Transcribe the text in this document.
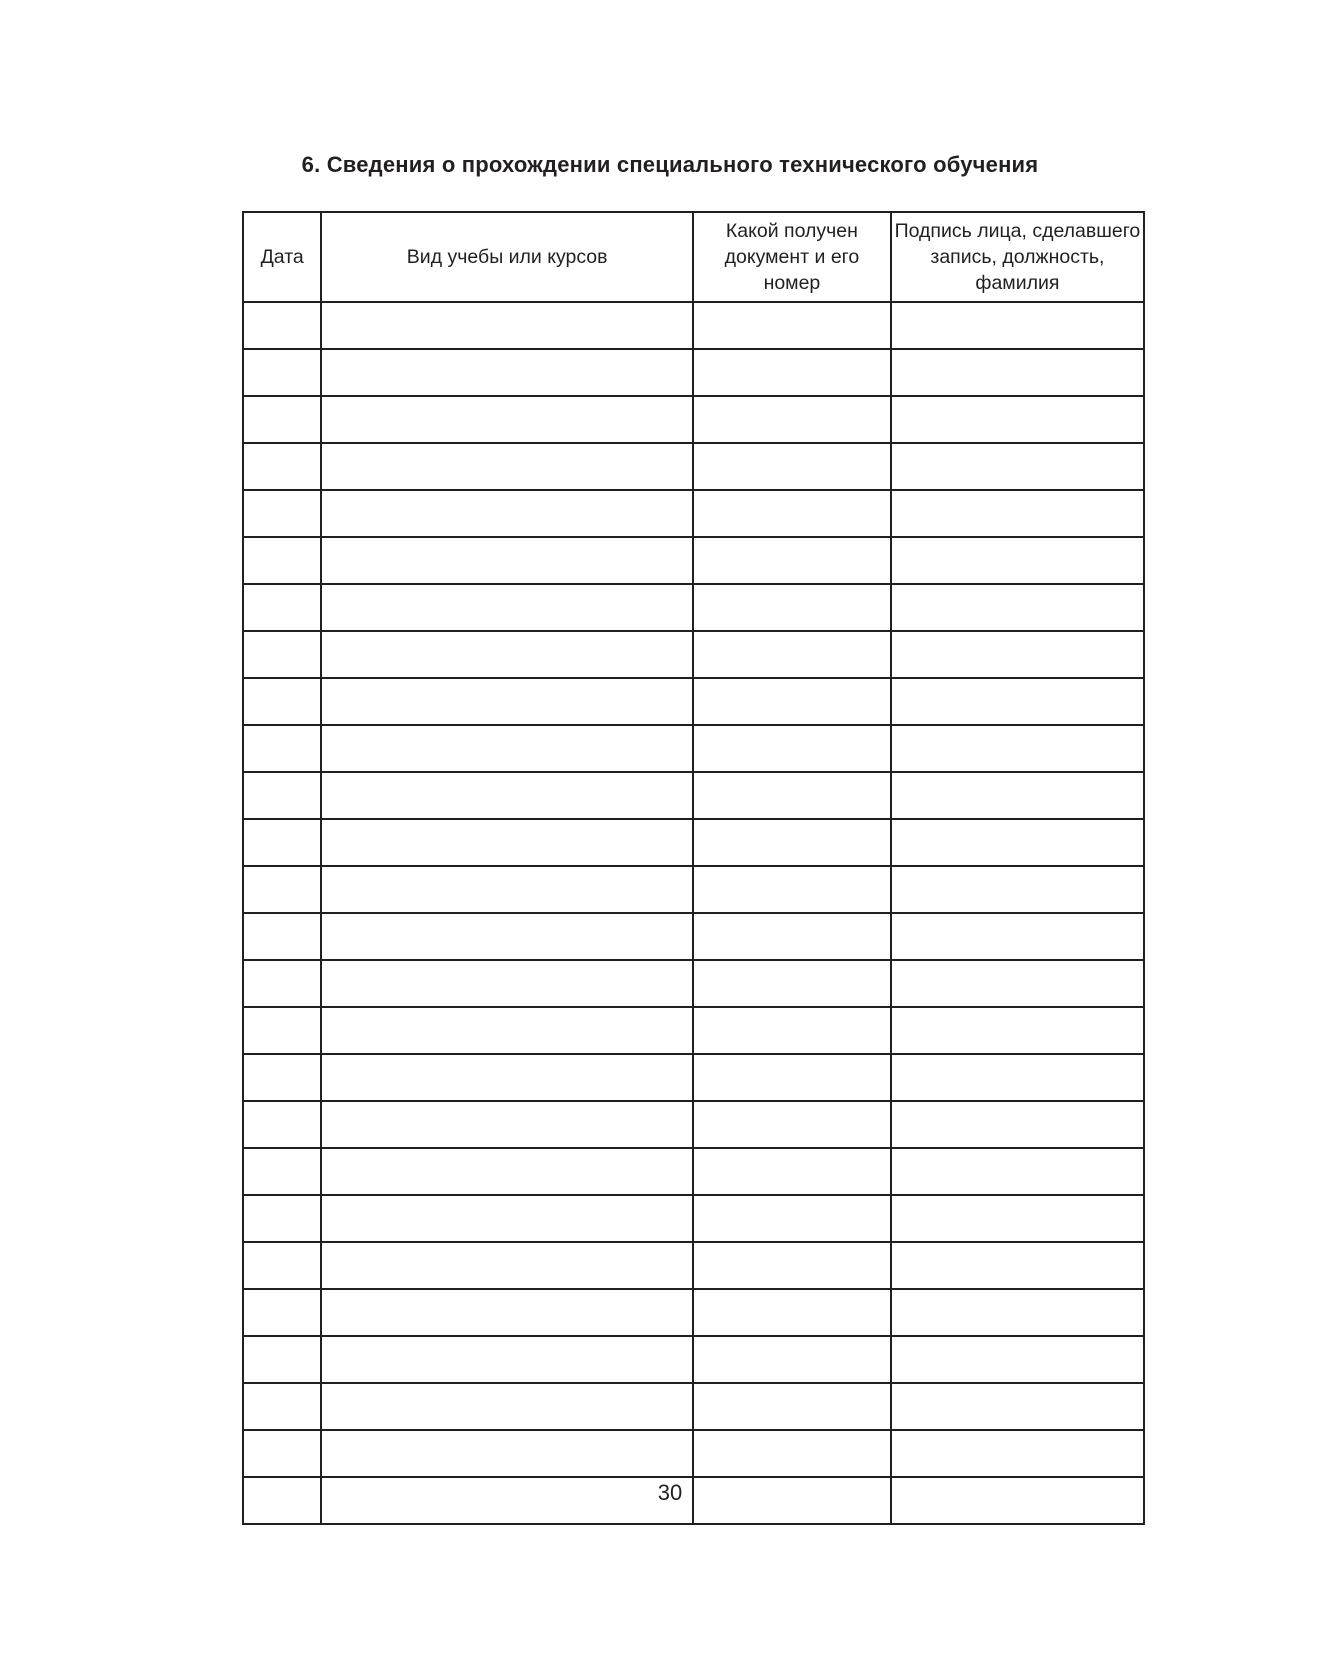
6. Сведения о прохождении специального технического обучения
Дата	Вид учебы или курсов	Какой получен документ и его номер	Подпись лица, сделавшего запись, должность, фамилия

30
